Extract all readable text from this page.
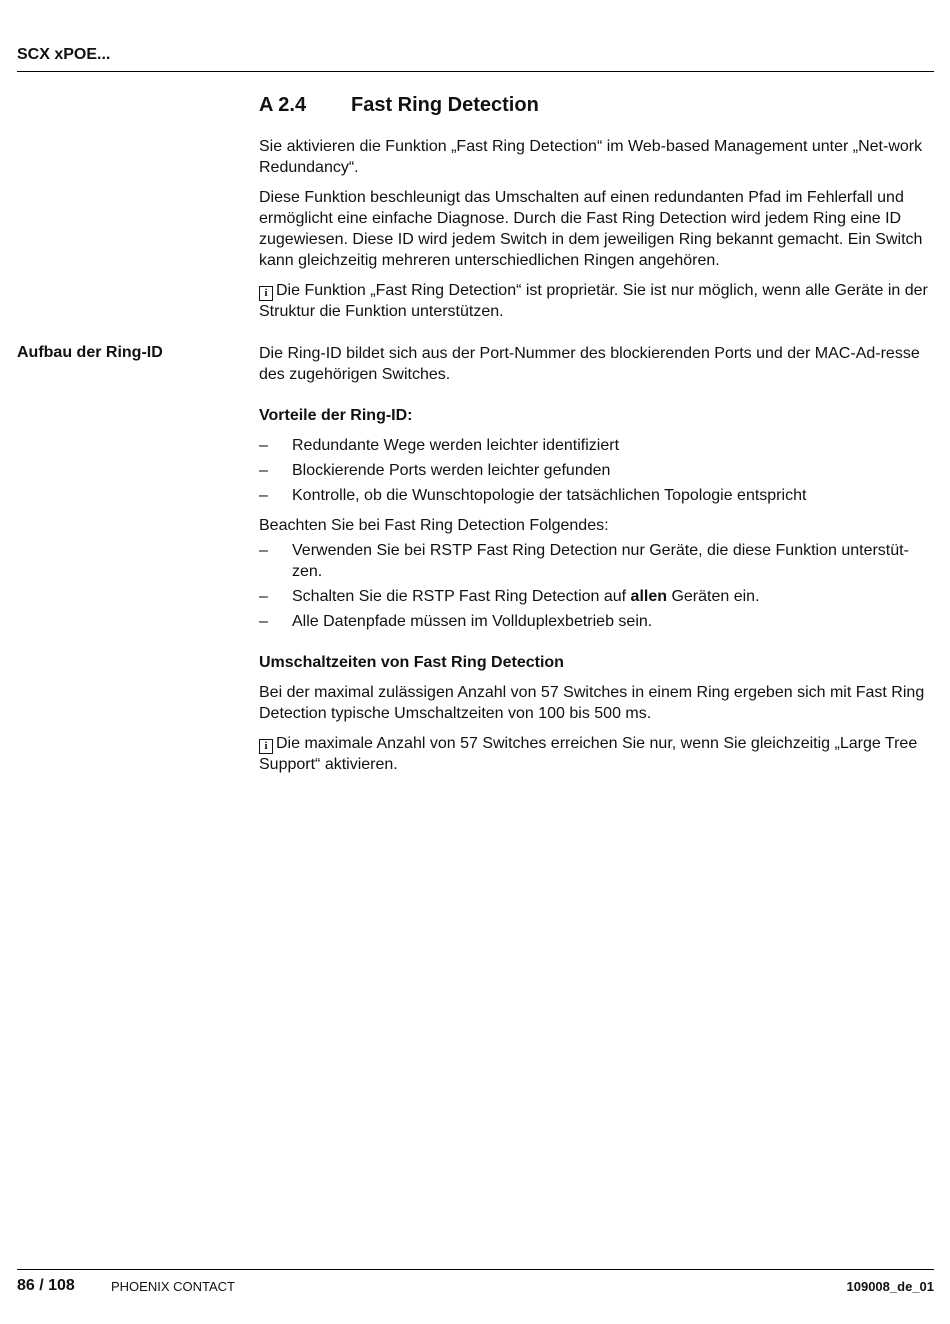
SCX xPOE...
A 2.4 Fast Ring Detection
Aufbau der Ring-ID

Sie aktivieren die Funktion „Fast Ring Detection“ im Web-based Management unter „Net-work Redundancy“.

Diese Funktion beschleunigt das Umschalten auf einen redundanten Pfad im Fehlerfall und ermöglicht eine einfache Diagnose. Durch die Fast Ring Detection wird jedem Ring eine ID zugewiesen. Diese ID wird jedem Switch in dem jeweiligen Ring bekannt gemacht. Ein Switch kann gleichzeitig mehreren unterschiedlichen Ringen angehören.

i Die Funktion „Fast Ring Detection“ ist proprietär. Sie ist nur möglich, wenn alle Geräte in der Struktur die Funktion unterstützen.

Die Ring-ID bildet sich aus der Port-Nummer des blockierenden Ports und der MAC-Ad-resse des zugehörigen Switches.

Vorteile der Ring-ID:

– Redundante Wege werden leichter identifiziert
– Blockierende Ports werden leichter gefunden
– Kontrolle, ob die Wunschtopologie der tatsächlichen Topologie entspricht

Beachten Sie bei Fast Ring Detection Folgendes:

– Verwenden Sie bei RSTP Fast Ring Detection nur Geräte, die diese Funktion unterstüt-zen.
– Schalten Sie die RSTP Fast Ring Detection auf allen Geräten ein.
– Alle Datenpfade müssen im Vollduplexbetrieb sein.

Umschaltzeiten von Fast Ring Detection

Bei der maximal zulässigen Anzahl von 57 Switches in einem Ring ergeben sich mit Fast Ring Detection typische Umschaltzeiten von 100 bis 500 ms.

i Die maximale Anzahl von 57 Switches erreichen Sie nur, wenn Sie gleichzeitig „Large Tree Support“ aktivieren.

86 / 108	PHOENIX CONTACT	109008_de_01
